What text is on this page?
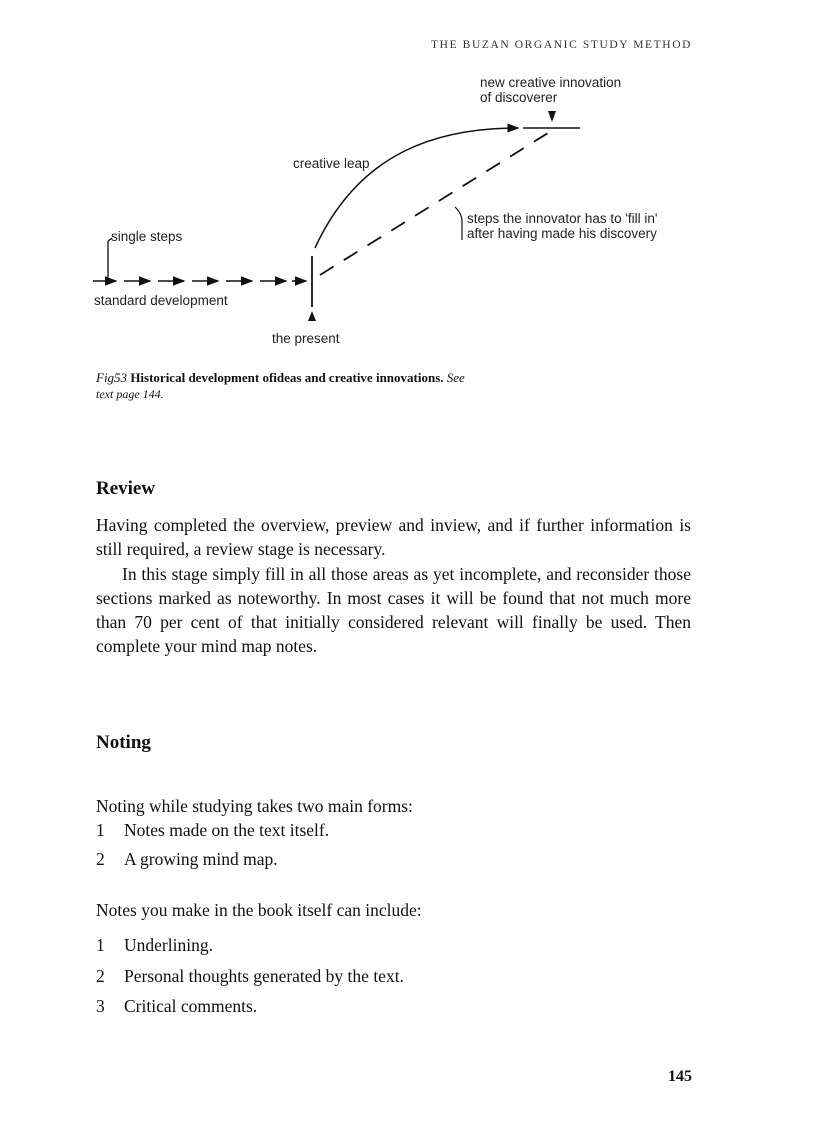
THE BUZAN ORGANIC STUDY METHOD
new creative innovation
of discoverer
creative leap
steps the innovator has to 'fill in'
after having made his discovery
single steps
standard development
the present
Fig53 Historical development ofideas and creative innovations. See
text page 144.
Review

Having completed the overview, preview and inview, and if further information is still required, a review stage is necessary.

In this stage simply fill in all those areas as yet incomplete, and reconsider those sections marked as noteworthy. In most cases it will be found that not much more than 70 per cent of that initially considered relevant will finally be used. Then complete your mind map notes.

Noting

Noting while studying takes two main forms:

1 Notes made on the text itself.
2 A growing mind map.

Notes you make in the book itself can include:

1 Underlining.
2 Personal thoughts generated by the text.
3 Critical comments.
145
